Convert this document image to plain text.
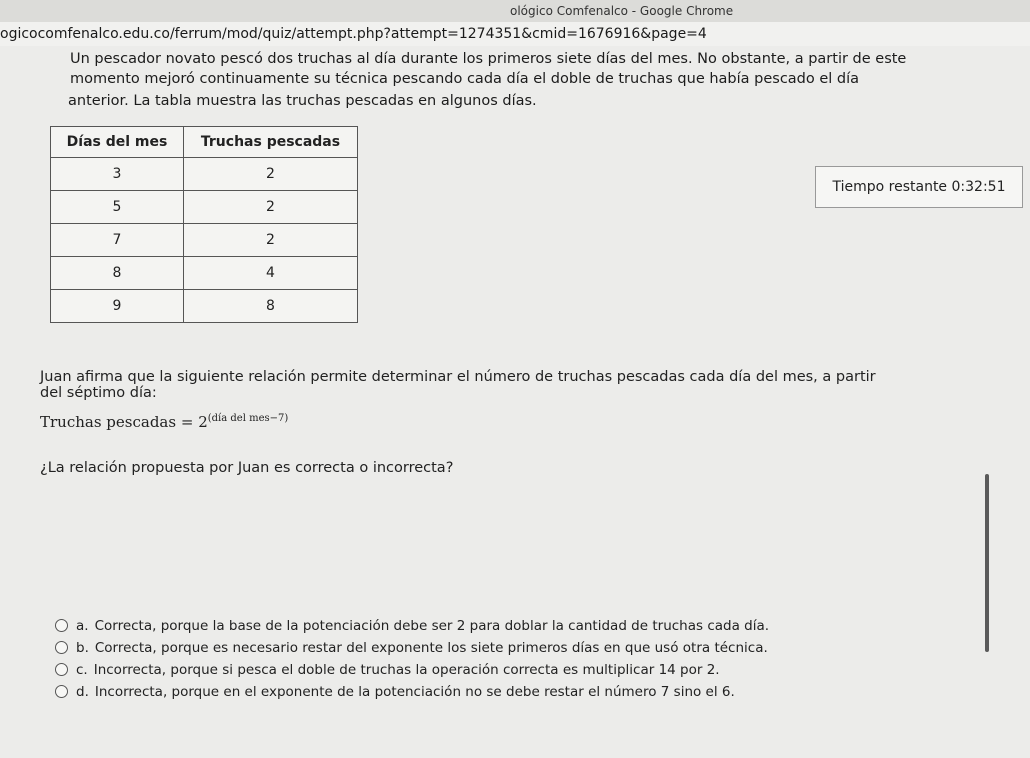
ológico Comfenalco - Google Chrome
ogicocomfenalco.edu.co/ferrum/mod/quiz/attempt.php?attempt=1274351&cmid=1676916&page=4
Un pescador novato pescó dos truchas al día durante los primeros siete días del mes. No obstante, a partir de este
momento mejoró continuamente su técnica pescando cada día el doble de truchas que había pescado el día
anterior. La tabla muestra las truchas pescadas en algunos días.
Días del mes	Truchas pescadas
3	2
5	2
7	2
8	4
9	8
Tiempo restante 0:32:51
Juan afirma que la siguiente relación permite determinar el número de truchas pescadas cada día del mes, a partir
del séptimo día:
Truchas pescadas = $2^{(día del mes-7)}$
¿La relación propuesta por Juan es correcta o incorrecta?
a. Correcta, porque la base de la potenciación debe ser 2 para doblar la cantidad de truchas cada día.
b. Correcta, porque es necesario restar del exponente los siete primeros días en que usó otra técnica.
c. Incorrecta, porque si pesca el doble de truchas la operación correcta es multiplicar 14 por 2.
d. Incorrecta, porque en el exponente de la potenciación no se debe restar el número 7 sino el 6.
